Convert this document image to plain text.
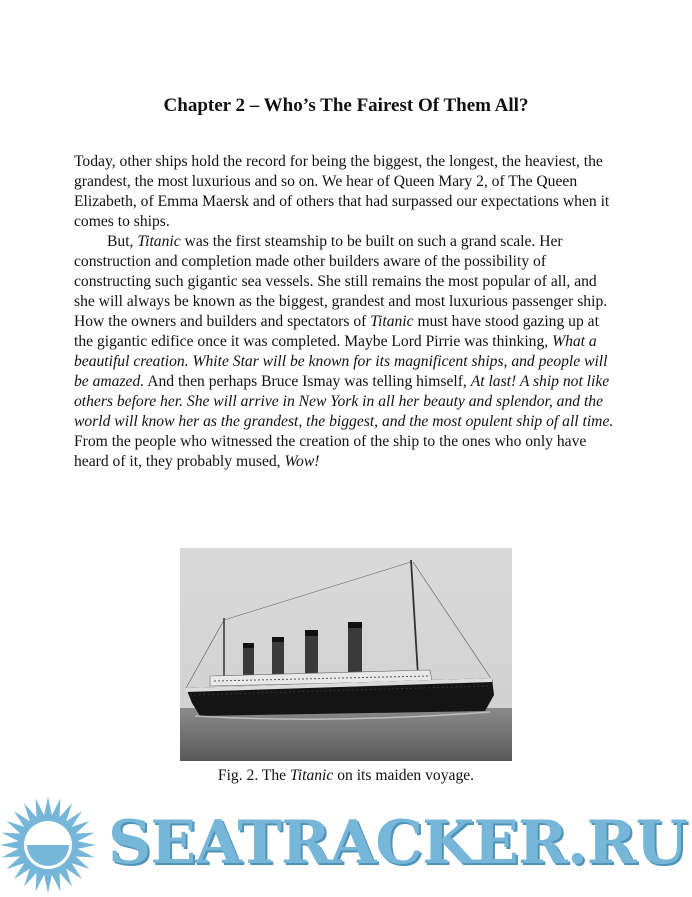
Chapter 2 – Who’s The Fairest Of Them All?

Today, other ships hold the record for being the biggest, the longest, the heaviest, the grandest, the most luxurious and so on. We hear of Queen Mary 2, of The Queen Elizabeth, of Emma Maersk and of others that had surpassed our expectations when it comes to ships.

But, Titanic was the first steamship to be built on such a grand scale. Her construction and completion made other builders aware of the possibility of constructing such gigantic sea vessels. She still remains the most popular of all, and she will always be known as the biggest, grandest and most luxurious passenger ship.

How the owners and builders and spectators of Titanic must have stood gazing up at the gigantic edifice once it was completed. Maybe Lord Pirrie was thinking, What a beautiful creation. White Star will be known for its magnificent ships, and people will be amazed. And then perhaps Bruce Ismay was telling himself, At last! A ship not like others before her. She will arrive in New York in all her beauty and splendor, and the world will know her as the grandest, the biggest, and the most opulent ship of all time. From the people who witnessed the creation of the ship to the ones who only have heard of it, they probably mused, Wow!

Fig. 2. The Titanic on its maiden voyage.
SEATRACKER.RU
